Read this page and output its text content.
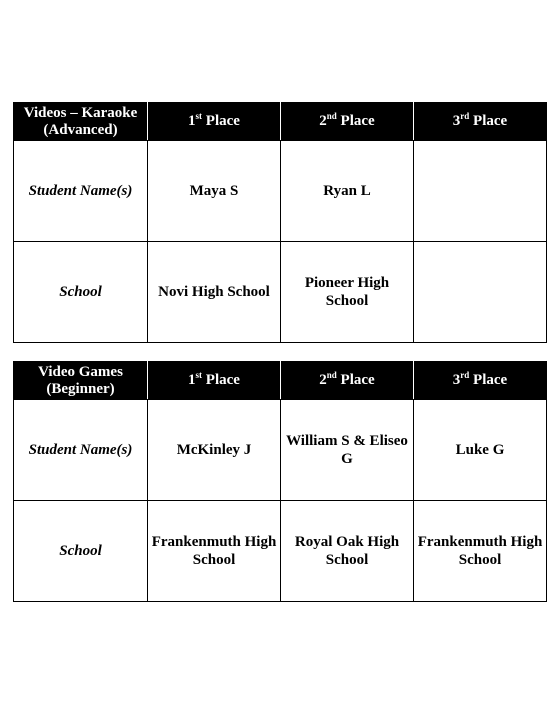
Videos – Karaoke (Advanced)	1st Place	2nd Place	3rd Place
Student Name(s)	Maya S	Ryan L	
School	Novi High School	Pioneer High School	
Video Games (Beginner)	1st Place	2nd Place	3rd Place
Student Name(s)	McKinley J	William S & Eliseo G	Luke G
School	Frankenmuth High School	Royal Oak High School	Frankenmuth High School
